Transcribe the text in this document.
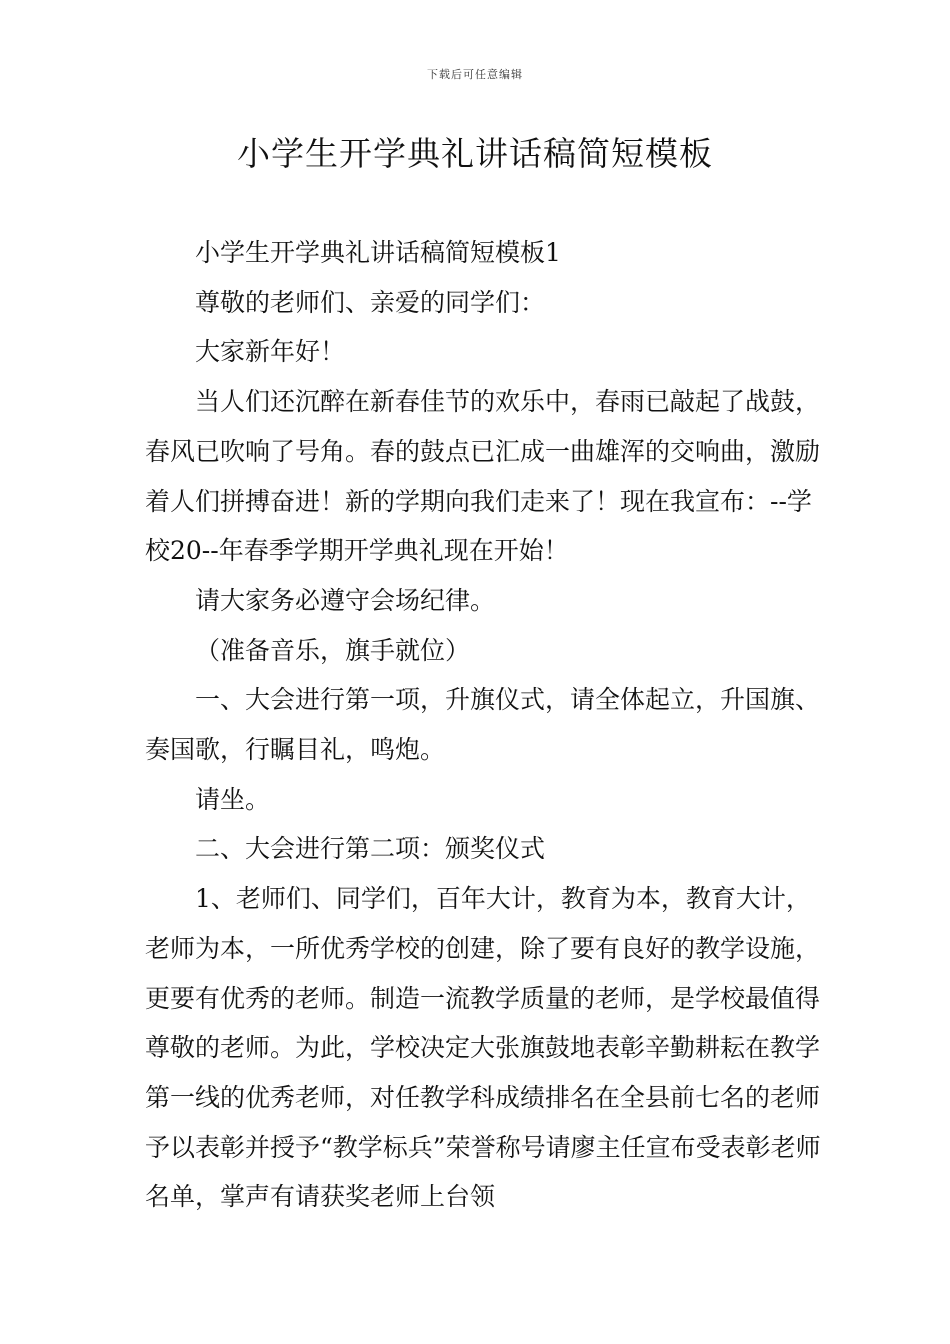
下载后可任意编辑
小学生开学典礼讲话稿简短模板

小学生开学典礼讲话稿简短模板1

尊敬的老师们、亲爱的同学们：

大家新年好！

当人们还沉醉在新春佳节的欢乐中，春雨已敲起了战鼓，春风已吹响了号角。春的鼓点已汇成一曲雄浑的交响曲，激励着人们拼搏奋进！新的学期向我们走来了！现在我宣布：--学校20--年春季学期开学典礼现在开始！

请大家务必遵守会场纪律。

（准备音乐，旗手就位）

一、大会进行第一项，升旗仪式，请全体起立，升国旗、奏国歌，行瞩目礼，鸣炮。

请坐。

二、大会进行第二项：颁奖仪式

1、老师们、同学们，百年大计，教育为本，教育大计，老师为本，一所优秀学校的创建，除了要有良好的教学设施，更要有优秀的老师。制造一流教学质量的老师，是学校最值得尊敬的老师。为此，学校决定大张旗鼓地表彰辛勤耕耘在教学第一线的优秀老师，对任教学科成绩排名在全县前七名的老师予以表彰并授予“教学标兵”荣誉称号请廖主任宣布受表彰老师名单，掌声有请获奖老师上台领
